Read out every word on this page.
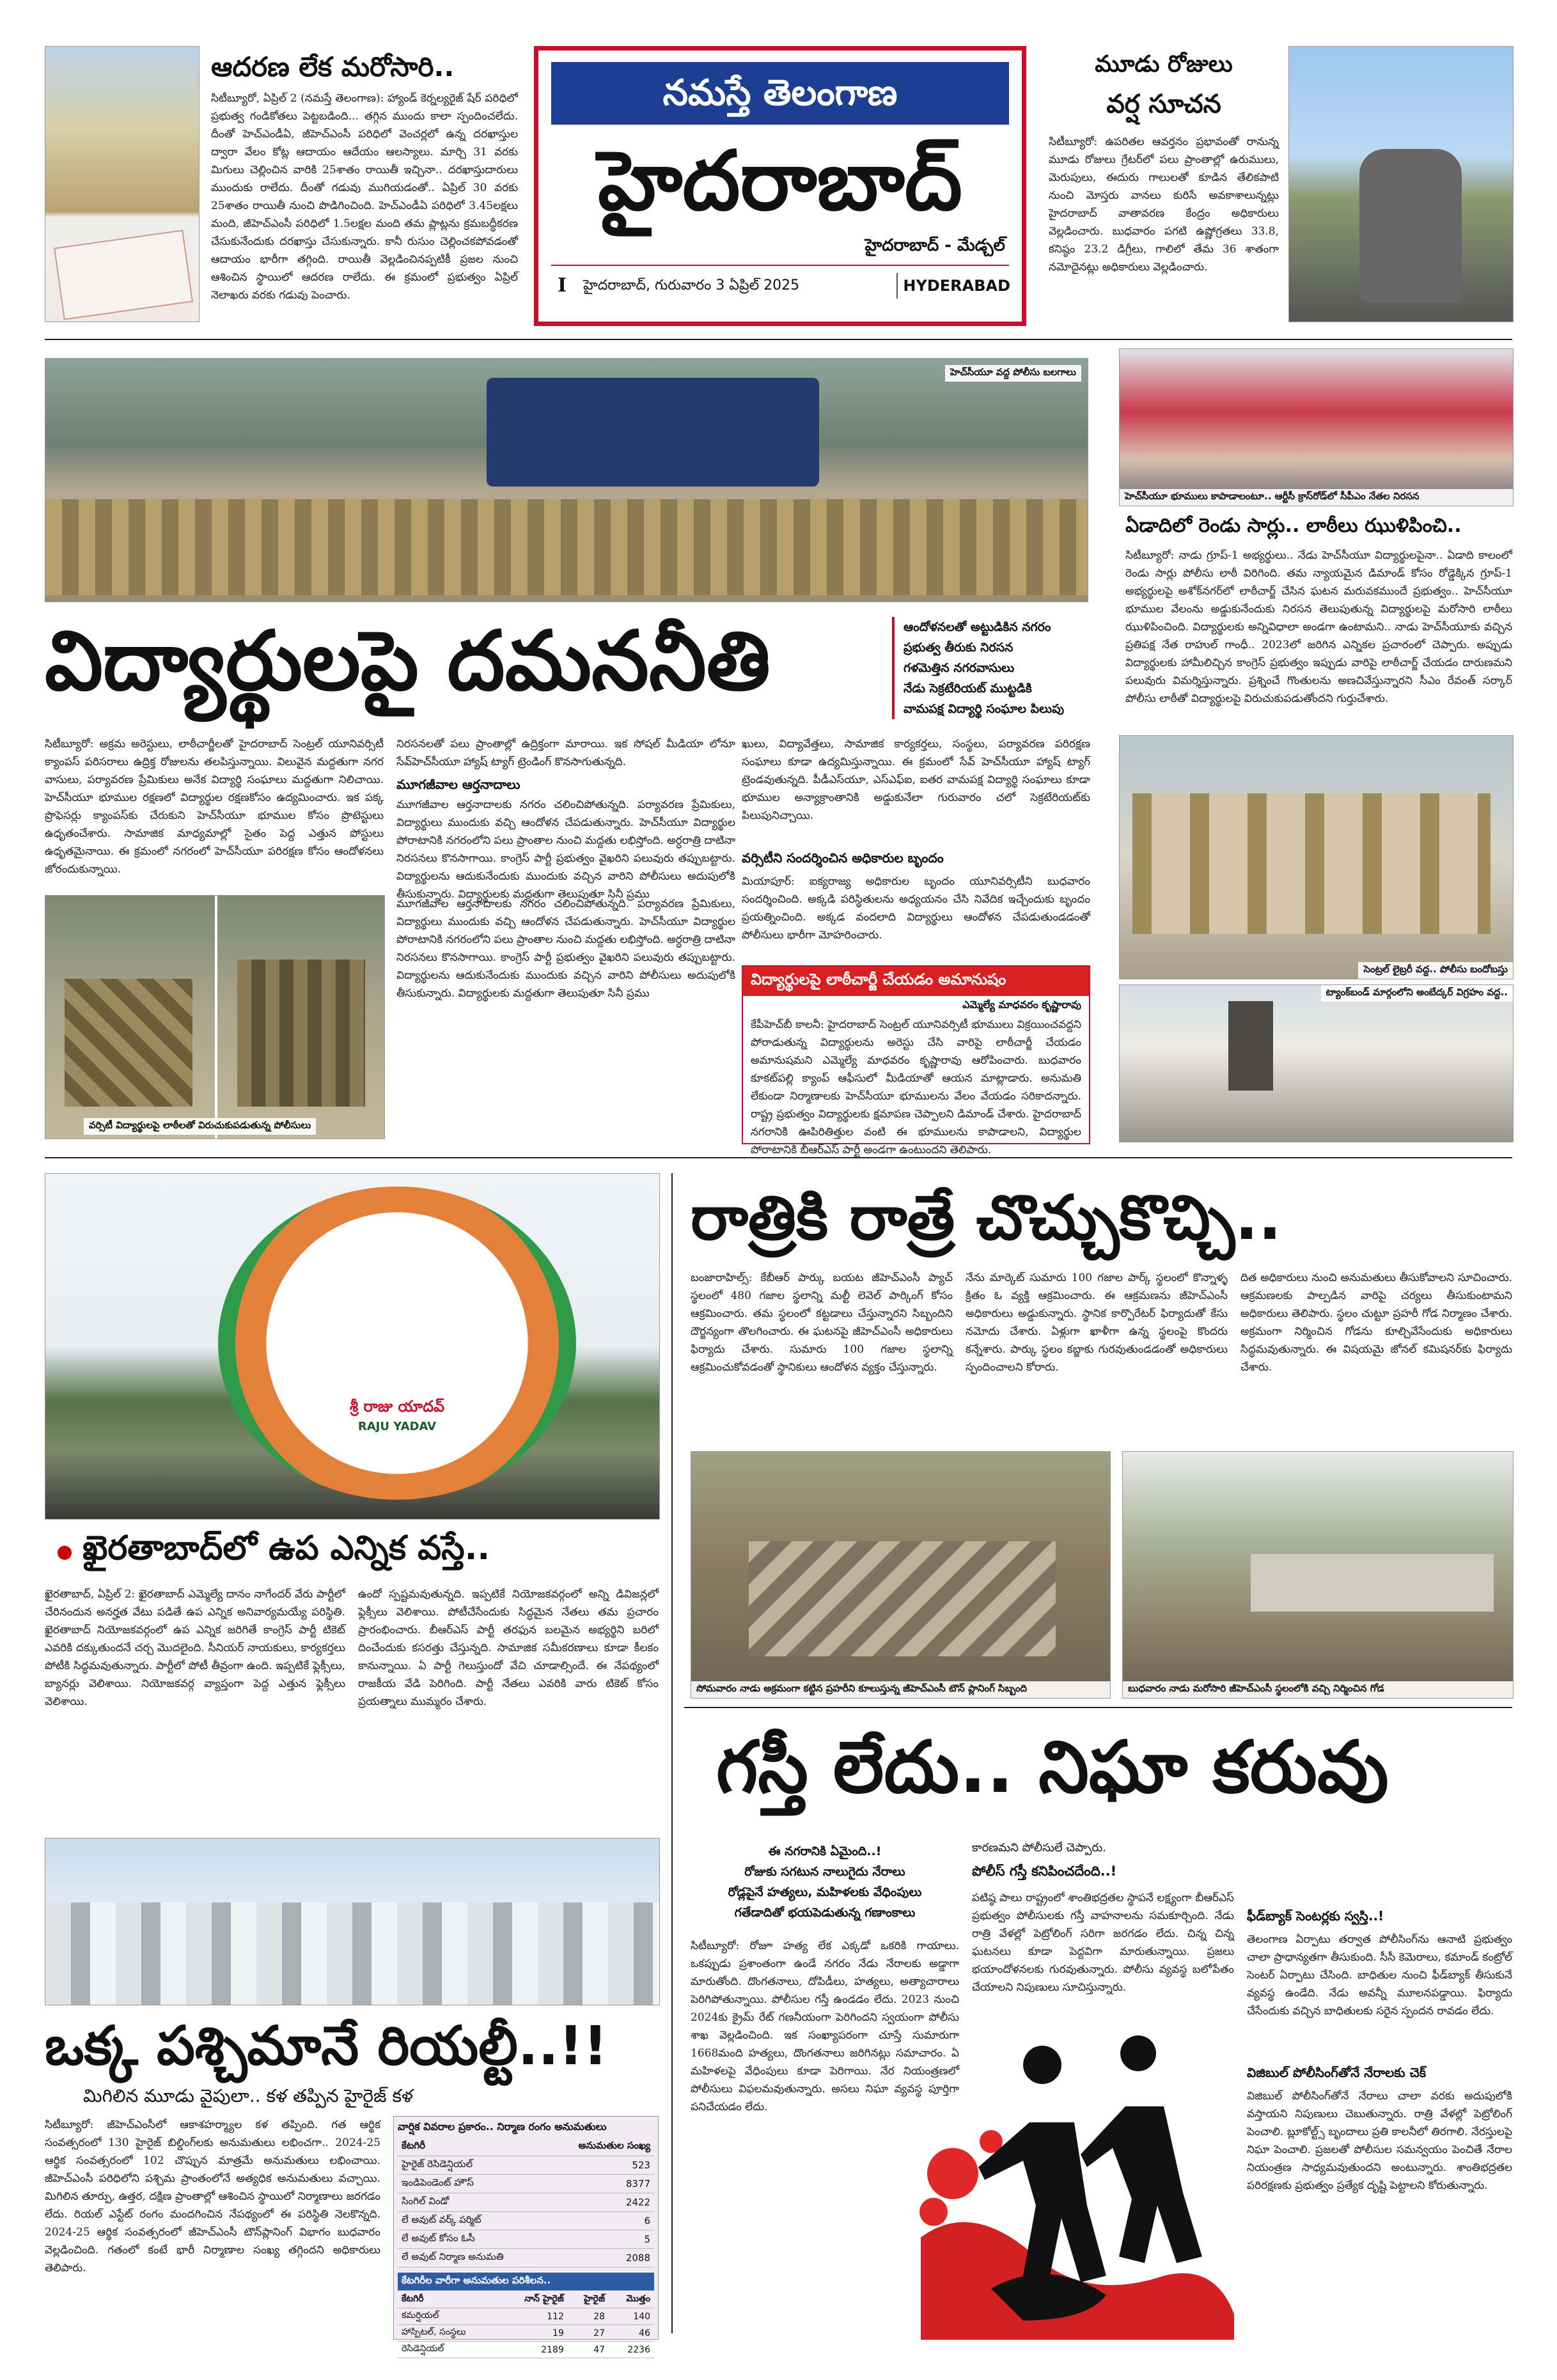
నమస్తే తెలంగాణ
హైదరాబాద్
హైదరాబాద్ - మేడ్చల్
I హైదరాబాద్, గురువారం 3 ఏప్రిల్ 2025	HYDERABAD
ఆదరణ లేక మరోసారి..
సిటీబ్యూరో, ఏప్రిల్ 2 (నమస్తే తెలంగాణ): హ్యాండ్ కెర్నల్యరైజ్ షేర్ పరిధిలో ప్రభుత్వ గండికోతలు పెట్టబడింది... తగ్గిన ముందు కాలా స్పందించలేదు. దీంతో హెచ్ఎండీఏ, జీహెచ్ఎంసీ పరిధిలో వెంచర్లలో ఉన్న దరఖాస్తుల ద్వారా వేలం కోట్ల ఆదాయం ఆదేయం ఆలస్యాలు. మార్చి 31 వరకు మిగులు చెల్లించిన వారికి 25శాతం రాయితీ ఇచ్చినా.. దరఖాస్తుదారులు ముందుకు రాలేదు. దీంతో గడువు ముగియడంతో.. ఏప్రిల్ 30 వరకు 25శాతం రాయితీ నుంచి పొడిగించింది. హెచ్ఎండీఏ పరిధిలో 3.45లక్షలు మంది, జీహెచ్ఎంసీ పరిధిలో 1.5లక్షల మంది తమ ప్లాట్లను క్రమబద్ధీకరణ చేసుకునేందుకు దరఖాస్తు చేసుకున్నారు. కానీ రుసుం చెల్లించకపోవడంతో ఆదాయం భారీగా తగ్గింది. రాయితీ వెల్లడించినప్పటికీ ప్రజల నుంచి ఆశించిన స్థాయిలో ఆదరణ రాలేదు. ఈ క్రమంలో ప్రభుత్వం ఏప్రిల్ నెలాఖరు వరకు గడువు పెంచారు.
మూడు రోజులు
వర్ష సూచన
సిటీబ్యూరో: ఉపరితల ఆవర్తనం ప్రభావంతో రానున్న మూడు రోజులు గ్రేటర్‌లో పలు ప్రాంతాల్లో ఉరుములు, మెరుపులు, ఈదురు గాలులతో కూడిన తేలికపాటి నుంచి మోస్తరు వానలు కురిసే అవకాశాలున్నట్లు హైదరాబాద్ వాతావరణ కేంద్రం అధికారులు వెల్లడించారు. బుధవారం పగటి ఉష్ణోగ్రతలు 33.8, కనిష్ఠం 23.2 డిగ్రీలు, గాలిలో తేమ 36 శాతంగా నమోదైనట్లు అధికారులు వెల్లడించారు.
హెచ్‌సీయూ వద్ద పోలీసు బలగాలు
విద్యార్థులపై దమననీతి	ఆందోళనలతో అట్టుడికిన నగరం
ప్రభుత్వ తీరుకు నిరసన
గళమెత్తిన నగరవాసులు
నేడు సెక్రటేరియట్ ముట్టడికి
వామపక్ష విద్యార్థి సంఘాల పిలుపు
సిటీబ్యూరో: అక్రమ అరెస్టులు, లాఠీచార్జీలతో హైదరాబాద్ సెంట్రల్ యూనివర్సిటీ క్యాంపస్ పరిసరాలు ఉద్రిక్త రోజులను తలపిస్తున్నాయి. విలువైన మద్దతుగా నగర వాసులు, పర్యావరణ ప్రేమికులు అనేక విద్యార్థి సంఘాలు మద్దతుగా నిలిచాయి. హెచ్‌సీయూ భూముల రక్షణలో విద్యార్థుల రక్షణకోసం ఉద్యమించారు. ఇక పక్క ప్రొఫెసర్లు క్యాంపస్‌కు చేరుకుని హెచ్‌సీయూ భూముల కోసం ప్రొటెస్టులు ఉధృతంచేశారు. సామాజిక మాధ్యమాల్లో సైతం పెద్ద ఎత్తున పోస్టులు ఉధృతమైనాయి. ఈ క్రమంలో నగరంలో హెచ్‌సీయూ పరిరక్షణ కోసం ఆందోళనలు జోరందుకున్నాయి.
నిరసనలతో పలు ప్రాంతాల్లో ఉద్రిక్తంగా మారాయి. ఇక సోషల్ మీడియా లోనూ సేవ్‌హెచ్‌సీయూ హ్యాష్ ట్యాగ్ ట్రెండింగ్ కొనసాగుతున్నది.
మూగజీవాల ఆర్తనాదాలు
మూగజీవాల ఆర్తనాదాలకు నగరం చలించిపోతున్నది. పర్యావరణ ప్రేమికులు, విద్యార్థులు ముందుకు వచ్చి ఆందోళన చేపడుతున్నారు. హెచ్‌సీయూ విద్యార్థుల పోరాటానికి నగరంలోని పలు ప్రాంతాల నుంచి మద్దతు లభిస్తోంది. అర్ధరాత్రి దాటినా నిరసనలు కొనసాగాయి. కాంగ్రెస్ పార్టీ ప్రభుత్వం వైఖరిని పలువురు తప్పుబట్టారు. విద్యార్థులను ఆదుకునేందుకు ముందుకు వచ్చిన వారిని పోలీసులు అదుపులోకి తీసుకున్నారు. విద్యార్థులకు మద్దతుగా తెలుపుతూ సినీ ప్రము
వర్సిటీ విద్యార్థులపై లాఠీలతో విరుచుకుపడుతున్న పోలీసులు
మూగజీవాల ఆర్తనాదాలకు నగరం చలించిపోతున్నది. పర్యావరణ ప్రేమికులు, విద్యార్థులు ముందుకు వచ్చి ఆందోళన చేపడుతున్నారు. హెచ్‌సీయూ విద్యార్థుల పోరాటానికి నగరంలోని పలు ప్రాంతాల నుంచి మద్దతు లభిస్తోంది. అర్ధరాత్రి దాటినా నిరసనలు కొనసాగాయి. కాంగ్రెస్ పార్టీ ప్రభుత్వం వైఖరిని పలువురు తప్పుబట్టారు. విద్యార్థులను ఆదుకునేందుకు ముందుకు వచ్చిన వారిని పోలీసులు అదుపులోకి తీసుకున్నారు. విద్యార్థులకు మద్దతుగా తెలుపుతూ సినీ ప్రము
ఖులు, విద్యావేత్తలు, సామాజిక కార్యకర్తలు, సంస్థలు, పర్యావరణ పరిరక్షణ సంఘాలు కూడా ఉద్యమిస్తున్నాయి. ఈ క్రమంలో సేవ్ హెచ్‌సీయూ హ్యాష్ ట్యాగ్ ట్రెండవుతున్నది. పీడీఎస్‌యూ, ఎస్ఎఫ్ఐ, ఐతర వామపక్ష విద్యార్థి సంఘాలు కూడా భూముల అన్యాక్రాంతానికి అడ్డుకునేలా గురువారం చలో సెక్రటేరియట్‌కు పిలుపునిచ్చాయి.
వర్సిటీని సందర్శించిన అధికారుల బృందం
మియాపూర్: ఐక్యరాజ్య అధికారుల బృందం యూనివర్సిటీని బుధవారం సందర్శించింది. అక్కడి పరిస్థితులను అధ్యయనం చేసి నివేదిక ఇచ్చేందుకు బృందం ప్రయత్నించింది. అక్కడ వందలాది విద్యార్థులు ఆందోళన చేపడుతుండడంతో పోలీసులు భారీగా మోహరించారు.
విద్యార్థులపై లాఠీచార్జీ చేయడం అమానుషం
ఎమ్మెల్యే మాధవరం కృష్ణారావు
కేపీహెచ్‌బీ కాలనీ: హైదరాబాద్ సెంట్రల్ యూనివర్సిటీ భూములు విక్రయించవద్దని పోరాడుతున్న విద్యార్థులను అరెస్టు చేసి వారిపై లాఠీచార్జీ చేయడం అమానుషమని ఎమ్మెల్యే మాధవరం కృష్ణారావు ఆరోపించారు. బుధవారం కూకట్‌పల్లి క్యాంప్ ఆఫీసులో మీడియాతో ఆయన మాట్లాడారు. అనుమతి లేకుండా నిర్మాణాలకు హెచ్‌సీయూ భూములను వేలం వేయడం సరికాదన్నారు. రాష్ట్ర ప్రభుత్వం విద్యార్థులకు క్షమాపణ చెప్పాలని డిమాండ్ చేశారు. హైదరాబాద్ నగరానికి ఊపిరితిత్తుల వంటి ఈ భూములను కాపాడాలని, విద్యార్థుల పోరాటానికి బీఆర్ఎస్ పార్టీ అండగా ఉంటుందని తెలిపారు.
హెచ్‌సీయూ భూములు కాపాడాలంటూ.. ఆర్టీసీ క్రాస్‌రోడ్‌లో సీపీఎం నేతల నిరసన
ఏడాదిలో రెండు సార్లు.. లాఠీలు ఝుళిపించి..
సిటీబ్యూరో: నాడు గ్రూప్-1 అభ్యర్థులు.. నేడు హెచ్‌సీయూ విద్యార్థులపైనా.. ఏడాది కాలంలో రెండు సార్లు పోలీసు లాఠీ విరిగింది. తమ న్యాయమైన డిమాండ్ కోసం రోడ్డెక్కిన గ్రూప్-1 అభ్యర్థులపై అశోక్‌నగర్‌లో లాఠీచార్జ్ చేసిన ఘటన మరువకముందే ప్రభుత్వం.. హెచ్‌సీయూ భూముల వేలంను అడ్డుకునేందుకు నిరసన తెలుపుతున్న విద్యార్థులపై మరోసారి లాఠీలు ఝుళిపించింది. విద్యార్థులకు అన్నివిధాలా అండగా ఉంటామని.. నాడు హెచ్‌సీయూకు వచ్చిన ప్రతిపక్ష నేత రాహుల్ గాంధీ.. 2023లో జరిగిన ఎన్నికల ప్రచారంలో చెప్పారు. అప్పుడు విద్యార్థులకు హామీలిచ్చిన కాంగ్రెస్ ప్రభుత్వం ఇప్పుడు వారిపై లాఠీచార్జ్ చేయడం దారుణమని పలువురు విమర్శిస్తున్నారు. ప్రశ్నించే గొంతులను అణచివేస్తున్నారని సీఎం రేవంత్ సర్కార్ పోలీసు లాఠీతో విద్యార్థులపై విరుచుకుపడుతోందని గుర్తుచేశారు.
సెంట్రల్ లైబ్రరీ వద్ద.. పోలీసు బందోబస్తు
ట్యాంక్‌బండ్ మార్గంలోని అంబేద్కర్ విగ్రహం వద్ద..
శ్రీ రాజు యాదవ్
RAJU YADAV
ఖైరతాబాద్‌లో ఉప ఎన్నిక వస్తే..
ఖైరతాబాద్, ఏప్రిల్ 2: ఖైరతాబాద్ ఎమ్మెల్యే దానం నాగేందర్ వేరు పార్టీలో చేరినందున అనర్హత వేటు పడితే ఉప ఎన్నిక అనివార్యమయ్యే పరిస్థితి. ఖైరతాబాద్ నియోజకవర్గంలో ఉప ఎన్నిక జరిగితే కాంగ్రెస్ పార్టీ టికెట్ ఎవరికి దక్కుతుందనే చర్చ మొదలైంది. సీనియర్ నాయకులు, కార్యకర్తలు పోటీకి సిద్ధమవుతున్నారు. పార్టీలో పోటీ తీవ్రంగా ఉంది. ఇప్పటికే ఫ్లెక్సీలు, బ్యానర్లు వెలిశాయి. నియోజకవర్గ వ్యాప్తంగా పెద్ద ఎత్తున ఫ్లెక్సీలు వెలిశాయి.
ఉందో స్పష్టమవుతున్నది. ఇప్పటికే నియోజకవర్గంలో అన్ని డివిజన్లలో ఫ్లెక్సీలు వెలిశాయి. పోటీచేసేందుకు సిద్ధమైన నేతలు తమ ప్రచారం ప్రారంభించారు. బీఆర్ఎస్ పార్టీ తరఫున బలమైన అభ్యర్థిని బరిలో దించేందుకు కసరత్తు చేస్తున్నది. సామాజిక సమీకరణాలు కూడా కీలకం కానున్నాయి. ఏ పార్టీ గెలుస్తుందో వేచి చూడాల్సిందే. ఈ నేపథ్యంలో రాజకీయ వేడి పెరిగింది. పార్టీ నేతలు ఎవరికి వారు టికెట్ కోసం ప్రయత్నాలు ముమ్మరం చేశారు.
రాత్రికి రాత్రే చొచ్చుకొచ్చి..
బంజారాహిల్స్: కేబీఆర్ పార్కు బయట జీహెచ్‌ఎంసీ ప్యాచ్ స్థలంలో 480 గజాల స్థలాన్ని మల్టీ లెవెల్ పార్కింగ్ కోసం ఆక్రమించారు. తమ స్థలంలో కట్టడాలు చేస్తున్నారని సిబ్బందిని దౌర్జన్యంగా తొలగించారు. ఈ ఘటనపై జీహెచ్ఎంసీ అధికారులు ఫిర్యాదు చేశారు. సుమారు 100 గజాల స్థలాన్ని ఆక్రమించుకోవడంతో స్థానికులు ఆందోళన వ్యక్తం చేస్తున్నారు.
నేను మార్కెట్ సుమారు 100 గజాల పార్క్ స్థలంలో కొన్నాళ్ళ క్రితం ఓ వ్యక్తి ఆక్రమించారు. ఈ ఆక్రమణను జీహెచ్ఎంసీ అధికారులు అడ్డుకున్నారు. స్థానిక కార్పొరేటర్ ఫిర్యాదుతో కేసు నమోదు చేశారు. ఏళ్లుగా ఖాళీగా ఉన్న స్థలంపై కొందరు కన్నేశారు. పార్కు స్థలం కబ్జాకు గురవుతుండడంతో అధికారులు స్పందించాలని కోరారు.
దిత అధికారులు నుంచి అనుమతులు తీసుకోవాలని సూచించారు. ఆక్రమణలకు పాల్పడిన వారిపై చర్యలు తీసుకుంటామని అధికారులు తెలిపారు. స్థలం చుట్టూ ప్రహరీ గోడ నిర్మాణం చేశారు. అక్రమంగా నిర్మించిన గోడను కూల్చివేసేందుకు అధికారులు సిద్ధమవుతున్నారు. ఈ విషయమై జోనల్ కమిషనర్‌కు ఫిర్యాదు చేశారు.
సోమవారం నాడు అక్రమంగా కట్టిన ప్రహరీని కూలుస్తున్న జీహెచ్‌ఎంసీ టౌన్ ప్లానింగ్ సిబ్బంది	బుధవారం నాడు మరోసారి జీహెచ్‌ఎంసీ స్థలంలోకి వచ్చి నిర్మించిన గోడ
ఒక్క పశ్చిమానే రియల్టీ..!!
మిగిలిన మూడు వైపులా.. కళ తప్పిన హైరైజ్ కళ
సిటీబ్యూరో: జీహెచ్‌ఎంసీలో ఆకాశహర్మ్యాల కళ తప్పింది. గత ఆర్థిక సంవత్సరంలో 130 హైరైజ్ బిల్డింగ్‌లకు అనుమతులు లభించగా.. 2024-25 ఆర్థిక సంవత్సరంలో 102 చొప్పున మాత్రమే అనుమతులు లభించాయి. జీహెచ్ఎంసీ పరిధిలోని పశ్చిమ ప్రాంతంలోనే అత్యధిక అనుమతులు వచ్చాయి. మిగిలిన తూర్పు, ఉత్తర, దక్షిణ ప్రాంతాల్లో ఆశించిన స్థాయిలో నిర్మాణాలు జరగడం లేదు. రియల్ ఎస్టేట్ రంగం మందగించిన నేపథ్యంలో ఈ పరిస్థితి నెలకొన్నది. 2024-25 ఆర్థిక సంవత్సరంలో జీహెచ్ఎంసీ టౌన్‌ప్లానింగ్ విభాగం బుధవారం వెల్లడించింది. గతంలో కంటే భారీ నిర్మాణాల సంఖ్య తగ్గిందని అధికారులు తెలిపారు.
వార్షిక వివరాల ప్రకారం.. నిర్మాణ రంగం అనుమతులు
కేటగిరీ	అనుమతుల సంఖ్య
హైరైజ్ రెసిడెన్షియల్	523
ఇండిపెండెంట్ హౌస్	8377
సింగిల్ విండో	2422
లే అవుట్ వర్క్ పర్మిట్	6
లే అవుట్ కోసం ఓసీ	5
లే అవుట్ నిర్మాణ అనుమతి	2088
కేటగిరీల వారీగా అనుమతుల పరిశీలన..
కేటగిరీ	నాన్ హైరైజ్	హైరైజ్	మొత్తం
కమర్షియల్	112	28	140
హాస్పిటల్, సంస్థలు	19	27	46
రెసిడెన్షియల్	2189	47	2236
గస్తీ లేదు.. నిఘా కరువు
ఈ నగరానికి ఏమైంది..!
రోజుకు సగటున నాలుగైదు నేరాలు
రోడ్లపైనే హత్యలు, మహిళలకు వేధింపులు
గతేడాదితో భయపెడుతున్న గణాంకాలు
సిటీబ్యూరో: రోజూ హత్య లేక ఎక్కడో ఒకరికి గాయాలు. ఒకప్పుడు ప్రశాంతంగా ఉండే నగరం నేడు నేరాలకు అడ్డాగా మారుతోంది. దొంగతనాలు, దోపిడీలు, హత్యలు, అత్యాచారాలు పెరిగిపోతున్నాయి. పోలీసుల గస్తీ ఉండడం లేదు. 2023 నుంచి 2024కు క్రైమ్ రేట్ గణనీయంగా పెరిగిందని స్వయంగా పోలీసు శాఖ వెల్లడించింది. ఇక సంఖ్యాపరంగా చూస్తే సుమారుగా 1668మంది హత్యలు, దొంగతనాలు జరిగినట్లు సమాచారం. ఏ మహిళలపై వేధింపులు కూడా పెరిగాయి. నేర నియంత్రణలో పోలీసులు విఫలమవుతున్నారు. అసలు నిఘా వ్యవస్థ పూర్తిగా పనిచేయడం లేదు.
కారణమని పోలీసులే చెప్పారు.
పోలీస్ గస్తీ కనిపించదేంది..!
పటిష్ఠ పాలు రాష్ట్రంలో శాంతిభద్రతల స్థాపనే లక్ష్యంగా బీఆర్ఎస్ ప్రభుత్వం పోలీసులకు గస్తీ వాహనాలను సమకూర్చింది. నేడు రాత్రి వేళల్లో పెట్రోలింగ్ సరిగా జరగడం లేదు. చిన్న చిన్న ఘటనలు కూడా పెద్దవిగా మారుతున్నాయి. ప్రజలు భయాందోళనలకు గురవుతున్నారు. పోలీసు వ్యవస్థ బలోపేతం చేయాలని నిపుణులు సూచిస్తున్నారు.
ఫీడ్‌బ్యాక్ సెంటర్లకు స్వస్తి..!
తెలంగాణ ఏర్పాటు తర్వాత పోలీసింగ్‌ను ఆనాటి ప్రభుత్వం చాలా ప్రాధాన్యతగా తీసుకుంది. సీసీ కెమెరాలు, కమాండ్ కంట్రోల్ సెంటర్ ఏర్పాటు చేసింది. బాధితుల నుంచి ఫీడ్‌బ్యాక్ తీసుకునే వ్యవస్థ ఉండేది. నేడు అవన్నీ మూలనపడ్డాయి. ఫిర్యాదు చేసేందుకు వచ్చిన బాధితులకు సరైన స్పందన రావడం లేదు.
విజిబుల్ పోలీసింగ్‌తోనే నేరాలకు చెక్
విజిబుల్ పోలీసింగ్‌తోనే నేరాలు చాలా వరకు అదుపులోకి వస్తాయని నిపుణులు చెబుతున్నారు. రాత్రి వేళల్లో పెట్రోలింగ్ పెంచాలి. బ్లూకోల్ట్స్ బృందాలు ప్రతి కాలనీలో తిరగాలి. నేరస్తులపై నిఘా పెంచాలి. ప్రజలతో పోలీసుల సమన్వయం పెంచితే నేరాల నియంత్రణ సాధ్యమవుతుందని అంటున్నారు. శాంతిభద్రతల పరిరక్షణకు ప్రభుత్వం ప్రత్యేక దృష్టి పెట్టాలని కోరుతున్నారు.
